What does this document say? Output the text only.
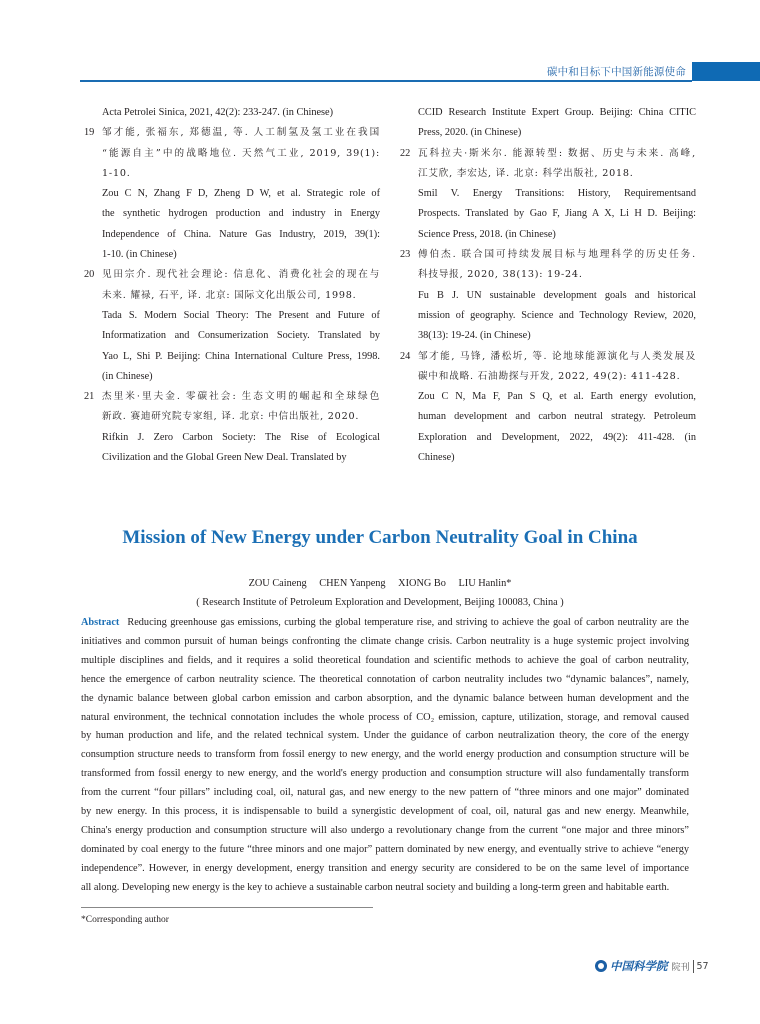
碳中和目标下中国新能源使命
Acta Petrolei Sinica, 2021, 42(2): 233-247. (in Chinese)
19 邹才能, 张福东, 郑德温, 等. 人工制氢及氢工业在我国
“能源自主”中的战略地位. 天然气工业, 2019, 39(1):
1-10.
Zou C N, Zhang F D, Zheng D W, et al. Strategic role of
the synthetic hydrogen production and industry in Energy
Independence of China. Nature Gas Industry, 2019, 39(1):
1-10. (in Chinese)
20 见田宗介. 现代社会理论: 信息化、消费化社会的现在与
未来. 耀禄, 石平, 译. 北京: 国际文化出版公司, 1998.
Tada S. Modern Social Theory: The Present and Future of
Informatization and Consumerization Society. Translated by
Yao L, Shi P. Beijing: China International Culture Press, 1998.
(in Chinese)
21 杰里米·里夫金. 零碳社会: 生态文明的崛起和全球绿色
新政. 赛迪研究院专家组, 译. 北京: 中信出版社, 2020.
Rifkin J. Zero Carbon Society: The Rise of Ecological
Civilization and the Global Green New Deal. Translated by
CCID Research Institute Expert Group. Beijing: China CITIC
Press, 2020. (in Chinese)
22 瓦科拉夫·斯米尔. 能源转型: 数据、历史与未来. 高峰,
江艾欣, 李宏达, 译. 北京: 科学出版社, 2018.
Smil V. Energy Transitions: History, Requirementsand
Prospects. Translated by Gao F, Jiang A X, Li H D. Beijing:
Science Press, 2018. (in Chinese)
23 傅伯杰. 联合国可持续发展目标与地理科学的历史任务.
科技导报, 2020, 38(13): 19-24.
Fu B J. UN sustainable development goals and historical
mission of geography. Science and Technology Review, 2020,
38(13): 19-24. (in Chinese)
24 邹才能, 马锋, 潘松圻, 等. 论地球能源演化与人类发展及
碳中和战略. 石油勘探与开发, 2022, 49(2): 411-428.
Zou C N, Ma F, Pan S Q, et al. Earth energy evolution,
human development and carbon neutral strategy. Petroleum
Exploration and Development, 2022, 49(2): 411-428. (in
Chinese)
Mission of New Energy under Carbon Neutrality Goal in China
ZOU Caineng CHEN Yanpeng XIONG Bo LIU Hanlin*
( Research Institute of Petroleum Exploration and Development, Beijing 100083, China )
Abstract Reducing greenhouse gas emissions, curbing the global temperature rise, and striving to achieve the goal of carbon neutrality are the
initiatives and common pursuit of human beings confronting the climate change crisis. Carbon neutrality is a huge systemic project involving
multiple disciplines and fields, and it requires a solid theoretical foundation and scientific methods to achieve the goal of carbon neutrality,
hence the emergence of carbon neutrality science. The theoretical connotation of carbon neutrality includes two “dynamic balances”, namely,
the dynamic balance between global carbon emission and carbon absorption, and the dynamic balance between human development and the
natural environment, the technical connotation includes the whole process of CO₂ emission, capture, utilization, storage, and removal caused
by human production and life, and the related technical system. Under the guidance of carbon neutralization theory, the core of the energy
consumption structure needs to transform from fossil energy to new energy, and the world energy production and consumption structure will be
transformed from fossil energy to new energy, and the world's energy production and consumption structure will also fundamentally transform
from the current “four pillars” including coal, oil, natural gas, and new energy to the new pattern of “three minors and one major” dominated
by new energy. In this process, it is indispensable to build a synergistic development of coal, oil, natural gas and new energy. Meanwhile,
China's energy production and consumption structure will also undergo a revolutionary change from the current “one major and three minors”
dominated by coal energy to the future “three minors and one major” pattern dominated by new energy, and eventually strive to achieve “energy
independence”. However, in energy development, energy transition and energy security are considered to be on the same level of importance
all along. Developing new energy is the key to achieve a sustainable carbon neutral society and building a long-term green and habitable earth.
*Corresponding author
中国科学院 院刊 57
